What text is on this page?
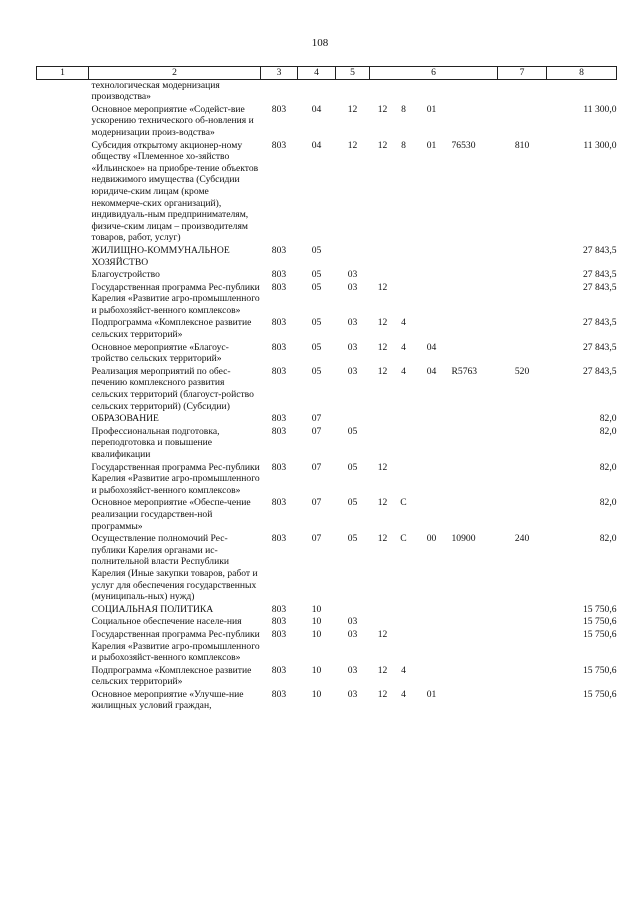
108
1	2	3	4	5	6				7	8
технологическая модернизация производства»										
Основное мероприятие «Содейст-вие ускорению технического об-новления и модернизации произ-водства»		803	04	12	12	8	01			11 300,0
Субсидия открытому акционер-ному обществу «Племенное хо-зяйство «Ильинское» на приобре-тение объектов недвижимого имущества (Субсидии юридиче-ским лицам (кроме некоммерче-ских организаций), индивидуаль-ным предпринимателям, физиче-ским лицам – производителям товаров, работ, услуг)		803	04	12	12	8	01	76530	810	11 300,0
ЖИЛИЩНО-КОММУНАЛЬНОЕ ХОЗЯЙСТВО		803	05							27 843,5
Благоустройство		803	05	03						27 843,5
Государственная программа Рес-публики Карелия «Развитие агро-промышленного и рыбохозяйст-венного комплексов»		803	05	03	12					27 843,5
Подпрограмма «Комплексное развитие сельских территорий»		803	05	03	12	4				27 843,5
Основное мероприятие «Благоус-тройство сельских территорий»		803	05	03	12	4	04			27 843,5
Реализация мероприятий по обес-печению комплексного развития сельских территорий (благоуст-ройство сельских территорий) (Субсидии)		803	05	03	12	4	04	R5763	520	27 843,5
ОБРАЗОВАНИЕ		803	07							82,0
Профессиональная подготовка, переподготовка и повышение квалификации		803	07	05						82,0
Государственная программа Рес-публики Карелия «Развитие агро-промышленного и рыбохозяйст-венного комплексов»		803	07	05	12					82,0
Основное мероприятие «Обеспе-чение реализации государствен-ной программы»		803	07	05	12	С				82,0
Осуществление полномочий Рес-публики Карелия органами ис-полнительной власти Республики Карелия (Иные закупки товаров, работ и услуг для обеспечения государственных (муниципаль-ных) нужд)		803	07	05	12	С	00	10900	240	82,0
СОЦИАЛЬНАЯ ПОЛИТИКА		803	10							15 750,6
Социальное обеспечение населе-ния		803	10	03						15 750,6
Государственная программа Рес-публики Карелия «Развитие агро-промышленного и рыбохозяйст-венного комплексов»		803	10	03	12					15 750,6
Подпрограмма «Комплексное развитие сельских территорий»		803	10	03	12	4				15 750,6
Основное мероприятие «Улучше-ние жилищных условий граждан,		803	10	03	12	4	01			15 750,6
